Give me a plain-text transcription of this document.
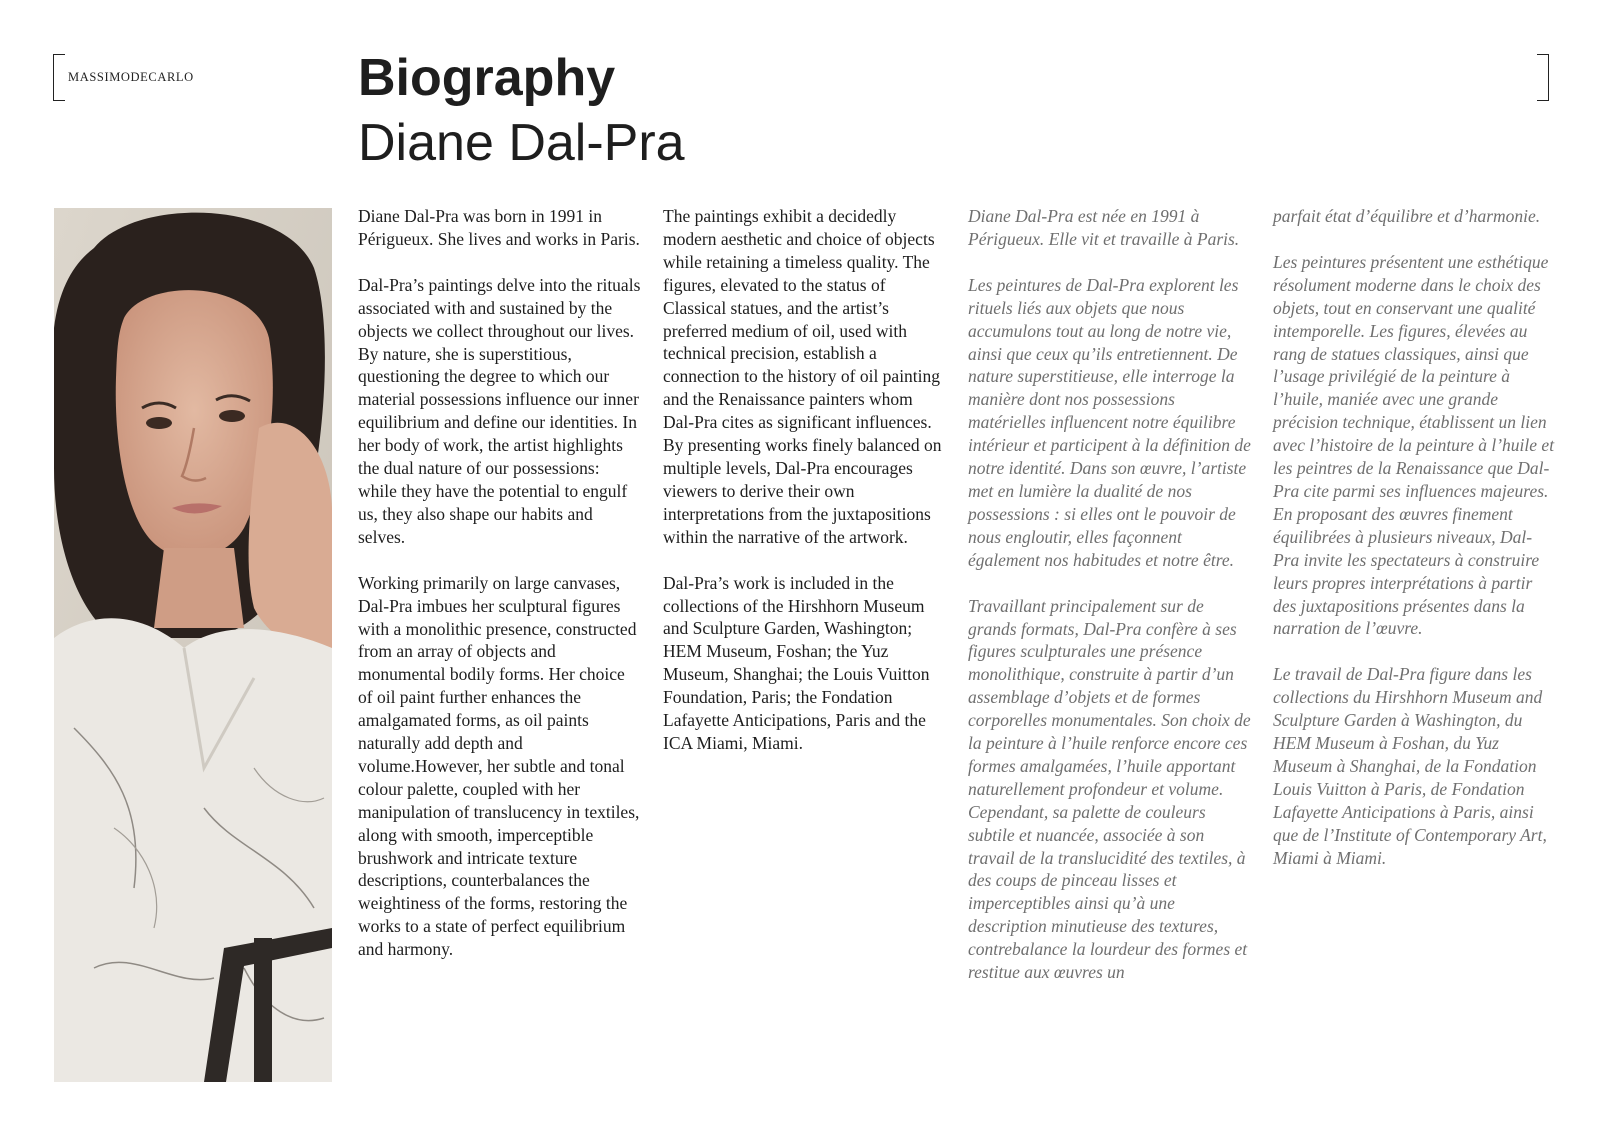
MASSIMODECARLO	Biography
Diane Dal-Pra

Diane Dal-Pra was born in 1991 in Périgueux. She lives and works in Paris.

Dal-Pra’s paintings delve into the rituals associated with and sustained by the objects we collect throughout our lives. By nature, she is superstitious, questioning the degree to which our material possessions influence our inner equilibrium and define our identities. In her body of work, the artist highlights the dual nature of our possessions: while they have the potential to engulf us, they also shape our habits and selves.

Working primarily on large canvases, Dal-Pra imbues her sculptural figures with a monolithic presence, constructed from an array of objects and monumental bodily forms. Her choice of oil paint further enhances the amalgamated forms, as oil paints naturally add depth and volume.However, her subtle and tonal colour palette, coupled with her manipulation of translucency in textiles, along with smooth, imperceptible brushwork and intricate texture descriptions, counterbalances the weightiness of the forms, restoring the works to a state of perfect equilibrium and harmony.

The paintings exhibit a decidedly modern aesthetic and choice of objects while retaining a timeless quality. The figures, elevated to the status of Classical statues, and the artist’s preferred medium of oil, used with technical precision, establish a connection to the history of oil painting and the Renaissance painters whom Dal-Pra cites as significant influences. By presenting works finely balanced on multiple levels, Dal-Pra encourages viewers to derive their own interpretations from the juxtapositions within the narrative of the artwork.

Dal-Pra’s work is included in the collections of the Hirshhorn Museum and Sculpture Garden, Washington; HEM Museum, Foshan; the Yuz Museum, Shanghai; the Louis Vuitton Foundation, Paris; the Fondation Lafayette Anticipations, Paris and the ICA Miami, Miami.

Diane Dal-Pra est née en 1991 à Périgueux. Elle vit et travaille à Paris.

Les peintures de Dal-Pra explorent les rituels liés aux objets que nous accumulons tout au long de notre vie, ainsi que ceux qu’ils entretiennent. De nature superstitieuse, elle interroge la manière dont nos possessions matérielles influencent notre équilibre intérieur et participent à la définition de notre identité. Dans son œuvre, l’artiste met en lumière la dualité de nos possessions : si elles ont le pouvoir de nous engloutir, elles façonnent également nos habitudes et notre être.

Travaillant principalement sur de grands formats, Dal-Pra confère à ses figures sculpturales une présence monolithique, construite à partir d’un assemblage d’objets et de formes corporelles monumentales. Son choix de la peinture à l’huile renforce encore ces formes amalgamées, l’huile apportant naturellement profondeur et volume. Cependant, sa palette de couleurs subtile et nuancée, associée à son travail de la translucidité des textiles, à des coups de pinceau lisses et imperceptibles ainsi qu’à une description minutieuse des textures, contrebalance la lourdeur des formes et restitue aux œuvres un

parfait état d’équilibre et d’harmonie.

Les peintures présentent une esthétique résolument moderne dans le choix des objets, tout en conservant une qualité intemporelle. Les figures, élevées au rang de statues classiques, ainsi que l’usage privilégié de la peinture à l’huile, maniée avec une grande précision technique, établissent un lien avec l’histoire de la peinture à l’huile et les peintres de la Renaissance que Dal-Pra cite parmi ses influences majeures. En proposant des œuvres finement équilibrées à plusieurs niveaux, Dal-Pra invite les spectateurs à construire leurs propres interprétations à partir des juxtapositions présentes dans la narration de l’œuvre.

Le travail de Dal-Pra figure dans les collections du Hirshhorn Museum and Sculpture Garden à Washington, du HEM Museum à Foshan, du Yuz Museum à Shanghai, de la Fondation Louis Vuitton à Paris, de Fondation Lafayette Anticipations à Paris, ainsi que de l’Institute of Contemporary Art, Miami à Miami.
